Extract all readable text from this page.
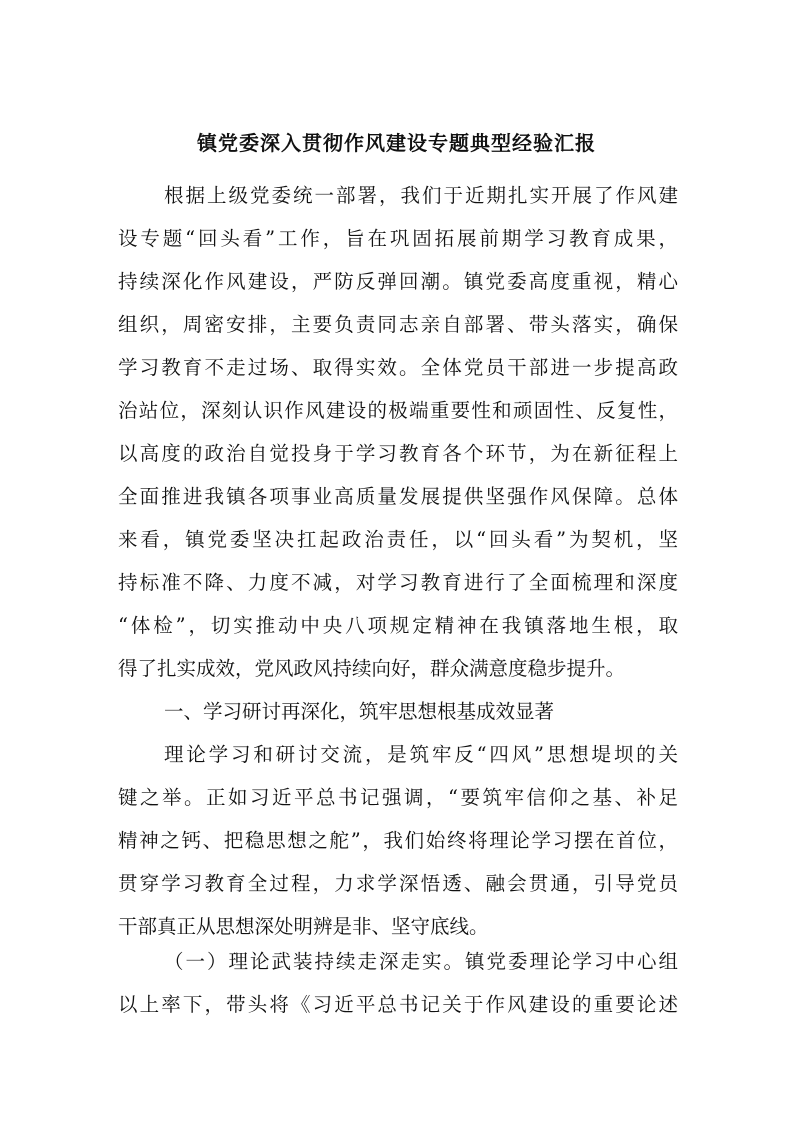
镇党委深入贯彻作风建设专题典型经验汇报
根据上级党委统一部署，我们于近期扎实开展了作风建
设专题“回头看”工作，旨在巩固拓展前期学习教育成果，
持续深化作风建设，严防反弹回潮。镇党委高度重视，精心
组织，周密安排，主要负责同志亲自部署、带头落实，确保
学习教育不走过场、取得实效。全体党员干部进一步提高政
治站位，深刻认识作风建设的极端重要性和顽固性、反复性，
以高度的政治自觉投身于学习教育各个环节，为在新征程上
全面推进我镇各项事业高质量发展提供坚强作风保障。总体
来看，镇党委坚决扛起政治责任，以“回头看”为契机，坚
持标准不降、力度不减，对学习教育进行了全面梳理和深度
“体检”，切实推动中央八项规定精神在我镇落地生根，取
得了扎实成效，党风政风持续向好，群众满意度稳步提升。
一、学习研讨再深化，筑牢思想根基成效显著
理论学习和研讨交流，是筑牢反“四风”思想堤坝的关
键之举。正如习近平总书记强调，“要筑牢信仰之基、补足
精神之钙、把稳思想之舵”，我们始终将理论学习摆在首位，
贯穿学习教育全过程，力求学深悟透、融会贯通，引导党员
干部真正从思想深处明辨是非、坚守底线。
（一）理论武装持续走深走实。镇党委理论学习中心组
以上率下，带头将《习近平总书记关于作风建设的重要论述
